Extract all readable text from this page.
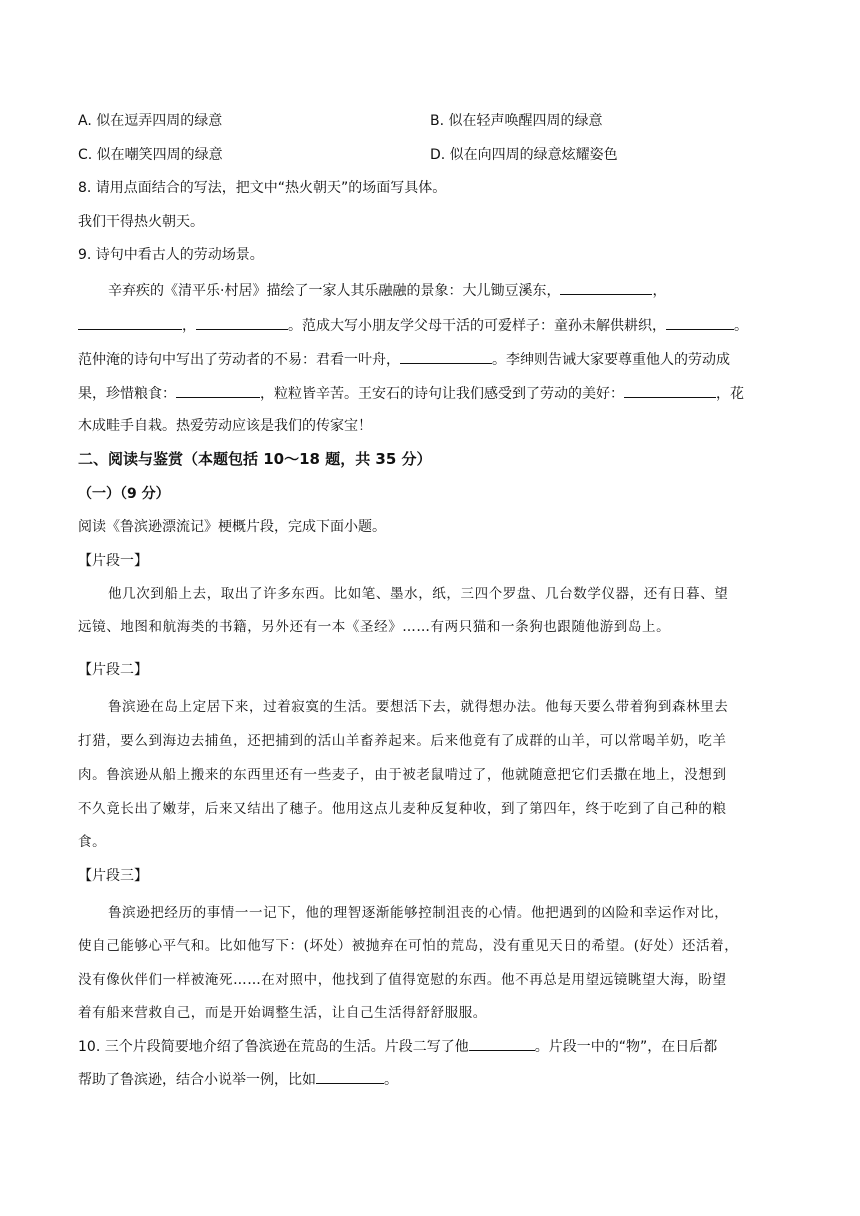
A. 似在逗弄四周的绿意	B. 似在轻声唤醒四周的绿意
C. 似在嘲笑四周的绿意	D. 似在向四周的绿意炫耀姿色
8. 请用点面结合的写法，把文中“热火朝天”的场面写具体。
我们干得热火朝天。
9. 诗句中看古人的劳动场景。
辛弃疾的《清平乐·村居》描绘了一家人其乐融融的景象：大儿锄豆溪东，	，
，	。范成大写小朋友学父母干活的可爱样子：童孙未解供耕织，	。
范仲淹的诗句中写出了劳动者的不易：君看一叶舟，	。李绅则告诫大家要尊重他人的劳动成
果，珍惜粮食：	，粒粒皆辛苦。王安石的诗句让我们感受到了劳动的美好：	，花
木成畦手自栽。热爱劳动应该是我们的传家宝！
二、阅读与鉴赏（本题包括 10～18 题，共 35 分）
（一）（9 分）
阅读《鲁滨逊漂流记》梗概片段，完成下面小题。
【片段一】
他几次到船上去，取出了许多东西。比如笔、墨水，纸，三四个罗盘、几台数学仪器，还有日暮、望
远镜、地图和航海类的书籍，另外还有一本《圣经》……有两只猫和一条狗也跟随他游到岛上。
【片段二】
鲁滨逊在岛上定居下来，过着寂寞的生活。要想活下去，就得想办法。他每天要么带着狗到森林里去
打猎，要么到海边去捕鱼，还把捕到的活山羊畜养起来。后来他竟有了成群的山羊，可以常喝羊奶，吃羊
肉。鲁滨逊从船上搬来的东西里还有一些麦子，由于被老鼠啃过了，他就随意把它们丢撒在地上，没想到
不久竟长出了嫩芽，后来又结出了穗子。他用这点儿麦种反复种收，到了第四年，终于吃到了自己种的粮
食。
【片段三】
鲁滨逊把经历的事情一一记下，他的理智逐渐能够控制沮丧的心情。他把遇到的凶险和幸运作对比，
使自己能够心平气和。比如他写下：(坏处）被抛弃在可怕的荒岛，没有重见天日的希望。(好处）还活着，
没有像伙伴们一样被淹死……在对照中，他找到了值得宽慰的东西。他不再总是用望远镜眺望大海，盼望
着有船来营救自己，而是开始调整生活，让自己生活得舒舒服服。
10. 三个片段简要地介绍了鲁滨逊在荒岛的生活。片段二写了他	。片段一中的“物”，在日后都
帮助了鲁滨逊，结合小说举一例，比如	。
